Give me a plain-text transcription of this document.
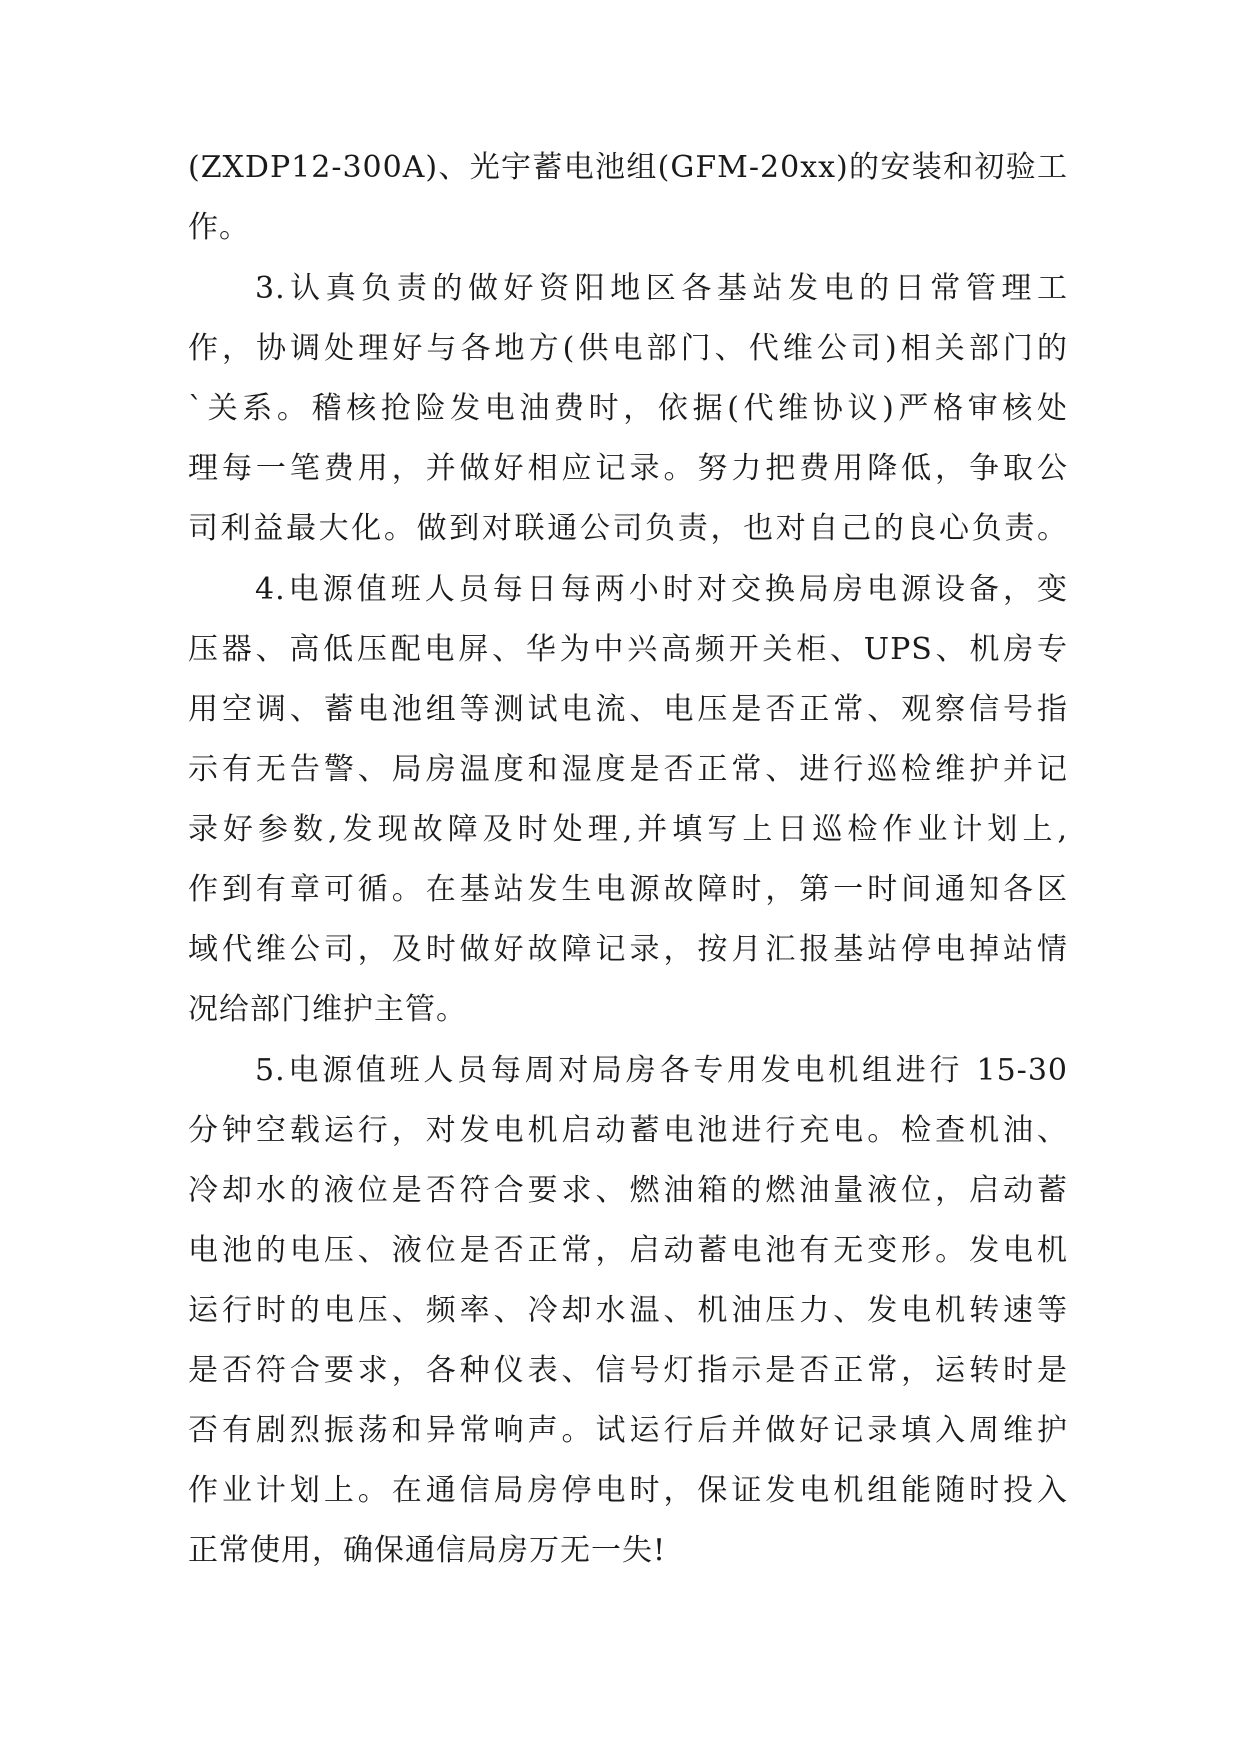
(ZXDP12-300A)、光宇蓄电池组(GFM-20xx)的安装和初验工
作。
3.认真负责的做好资阳地区各基站发电的日常管理工
作，协调处理好与各地方(供电部门、代维公司)相关部门的
`关系。稽核抢险发电油费时，依据(代维协议)严格审核处
理每一笔费用，并做好相应记录。努力把费用降低，争取公
司利益最大化。做到对联通公司负责，也对自己的良心负责。
4.电源值班人员每日每两小时对交换局房电源设备，变
压器、高低压配电屏、华为中兴高频开关柜、UPS、机房专
用空调、蓄电池组等测试电流、电压是否正常、观察信号指
示有无告警、局房温度和湿度是否正常、进行巡检维护并记
录好参数,发现故障及时处理,并填写上日巡检作业计划上,
作到有章可循。在基站发生电源故障时，第一时间通知各区
域代维公司，及时做好故障记录，按月汇报基站停电掉站情
况给部门维护主管。
5.电源值班人员每周对局房各专用发电机组进行 15-30
分钟空载运行，对发电机启动蓄电池进行充电。检查机油、
冷却水的液位是否符合要求、燃油箱的燃油量液位，启动蓄
电池的电压、液位是否正常，启动蓄电池有无变形。发电机
运行时的电压、频率、冷却水温、机油压力、发电机转速等
是否符合要求，各种仪表、信号灯指示是否正常，运转时是
否有剧烈振荡和异常响声。试运行后并做好记录填入周维护
作业计划上。在通信局房停电时，保证发电机组能随时投入
正常使用，确保通信局房万无一失!
